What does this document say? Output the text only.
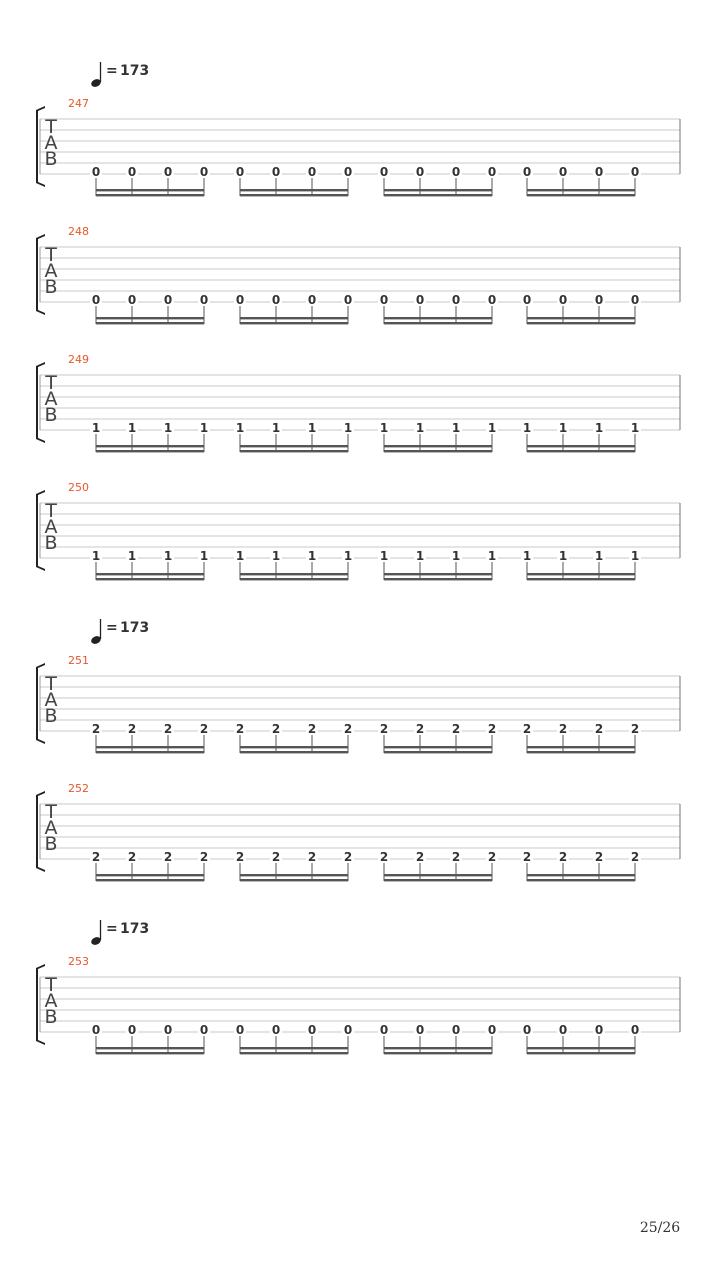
= 173
247
T
A
B
0 0 0 0 0 0 0 0 0 0 0 0 0 0 0 0
248
T
A
B
0 0 0 0 0 0 0 0 0 0 0 0 0 0 0 0
249
T
A
B
1 1 1 1 1 1 1 1 1 1 1 1 1 1 1 1
250
T
A
B
1 1 1 1 1 1 1 1 1 1 1 1 1 1 1 1
= 173
251
T
A
B
2 2 2 2 2 2 2 2 2 2 2 2 2 2 2 2
252
T
A
B
2 2 2 2 2 2 2 2 2 2 2 2 2 2 2 2
= 173
253
T
A
B
0 0 0 0 0 0 0 0 0 0 0 0 0 0 0 0
25/26
